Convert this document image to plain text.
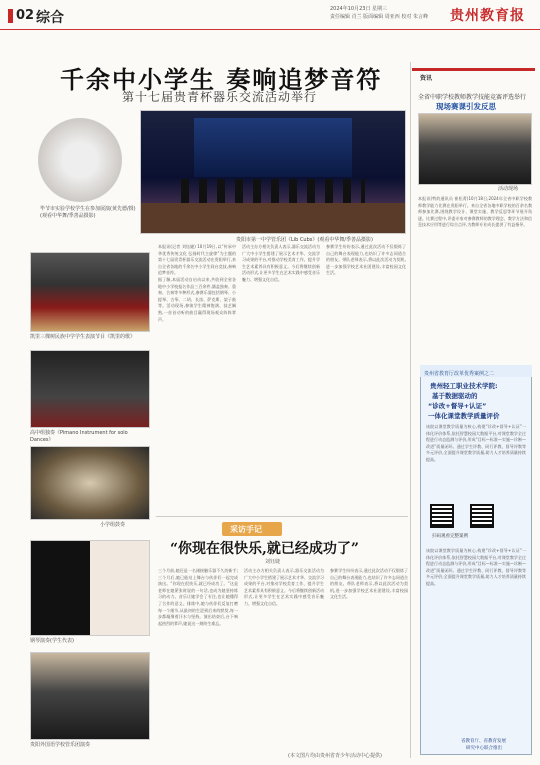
02 综合
2024年10月23日 星期三
责任编辑 肖兰 版面编辑 周亚西 校对 朱言峰	贵州教育报
千余中小学生 奏响追梦音符
第十七届贵青杯器乐交流活动举行
毕节市实验学校学生在参加展演(黄先德/摄)(观看中华舞/季善品摄影)
贵阳市第一中学管乐团《Lib Cubs》(观看中华舞/季善品摄影)
凯里三棵树民族中学学生表演节目《凯里的歌》
高中组独奏《Pimano Instrument for solo Dances》
小学组鼓奏
钢琴演奏(学生代表)
贵阳外国语学校管乐团演奏
本报讯(记者 刘钰婕) 10月19日,以“传承中华优秀传统文化 弘扬时代主旋律”为主题的第十七届贵青杯器乐交流活动在贵阳举行,来自全省各地的千余名中小学生同台竞技,奏响追梦音符。
据了解,本届活动自启动以来,共收到全省各地中小学校报名作品三百余件,涵盖独奏、重奏、合奏等多种形式,参赛乐器包括钢琴、小提琴、古筝、二胡、长笛、萨克斯、架子鼓等。活动现场,参演学生精神饱满、技艺娴熟,一首首动听的曲目赢得现场观众阵阵掌声。
活动主办方相关负责人表示,器乐交流活动为广大中小学生搭建了展示艺术才华、交流学习成果的平台,对推动学校美育工作、提升学生艺术素养具有积极意义。今后将继续创新活动形式,让更多学生在艺术实践中感受音乐魅力、增强文化自信。
参赛学生纷纷表示,通过此次活动不仅锻炼了自己的舞台表现能力,也结识了许多志同道合的朋友。带队老师表示,将以此次活动为契机,进一步加强学校艺术社团建设,丰富校园文化生活。
采访手记
“你现在很快乐,就已经成功了”
刘钰婕
三个月前,她还是一名刚接触乐器不久的新手;三个月后,她已能站上舞台与伙伴们一起完成演出。“你现在很快乐,就已经成功了。”这是老师在她紧张时说的一句话,也成为她坚持练习的动力。音乐让她学会了专注,也让她懂得了合作的意义。排练中,她与伙伴们反复打磨每一个细节,从最初的生涩到后来的默契,每一步都凝聚着汗水与坚持。演出结束后,台下响起热烈的掌声,她说这一刻终生难忘。
活动主办方相关负责人表示,器乐交流活动为广大中小学生搭建了展示艺术才华、交流学习成果的平台,对推动学校美育工作、提升学生艺术素养具有积极意义。今后将继续创新活动形式,让更多学生在艺术实践中感受音乐魅力、增强文化自信。
参赛学生纷纷表示,通过此次活动不仅锻炼了自己的舞台表现能力,也结识了许多志同道合的朋友。带队老师表示,将以此次活动为契机,进一步加强学校艺术社团建设,丰富校园文化生活。
(本文图片均由贵州省青少年活动中心提供)
资讯
全省中职学校教师教学技能竞赛评选举行
现场赛课引发反思
活动现场
本报讯(特约通讯员 崔松菁)10月18日,2024年全省中职学校教师教学能力比赛在贵阳举行。来自全省各地中职学校的百余名教师参加比赛,围绕教学设计、课堂实施、教学反思等环节展开角逐。比赛过程中,评委专家对参赛教师的教学理念、教学方法和信息技术应用等进行综合点评,为教师专业成长提供了有益指导。
贵州省教育厅改革优秀案例之二
贵州轻工职业技术学院:
基于数据驱动的
“诊改+督导+认证”
一体化课堂教学质量评价
该院以课堂教学质量为核心,构建“诊改+督导+认证”一体化评价体系,依托智慧校园大数据平台,对课堂教学全过程进行动态监测与评价,形成“目标—标准—实施—诊断—改进”质量闭环。通过学生评教、同行评教、督导评教等多元评价,全面提升课堂教学质量,助力人才培养质量持续提高。
扫码观看完整案例
该院以课堂教学质量为核心,构建“诊改+督导+认证”一体化评价体系,依托智慧校园大数据平台,对课堂教学全过程进行动态监测与评价,形成“目标—标准—实施—诊断—改进”质量闭环。通过学生评教、同行评教、督导评教等多元评价,全面提升课堂教学质量,助力人才培养质量持续提高。
省教育厅、省教育发展
研究中心联合推出
